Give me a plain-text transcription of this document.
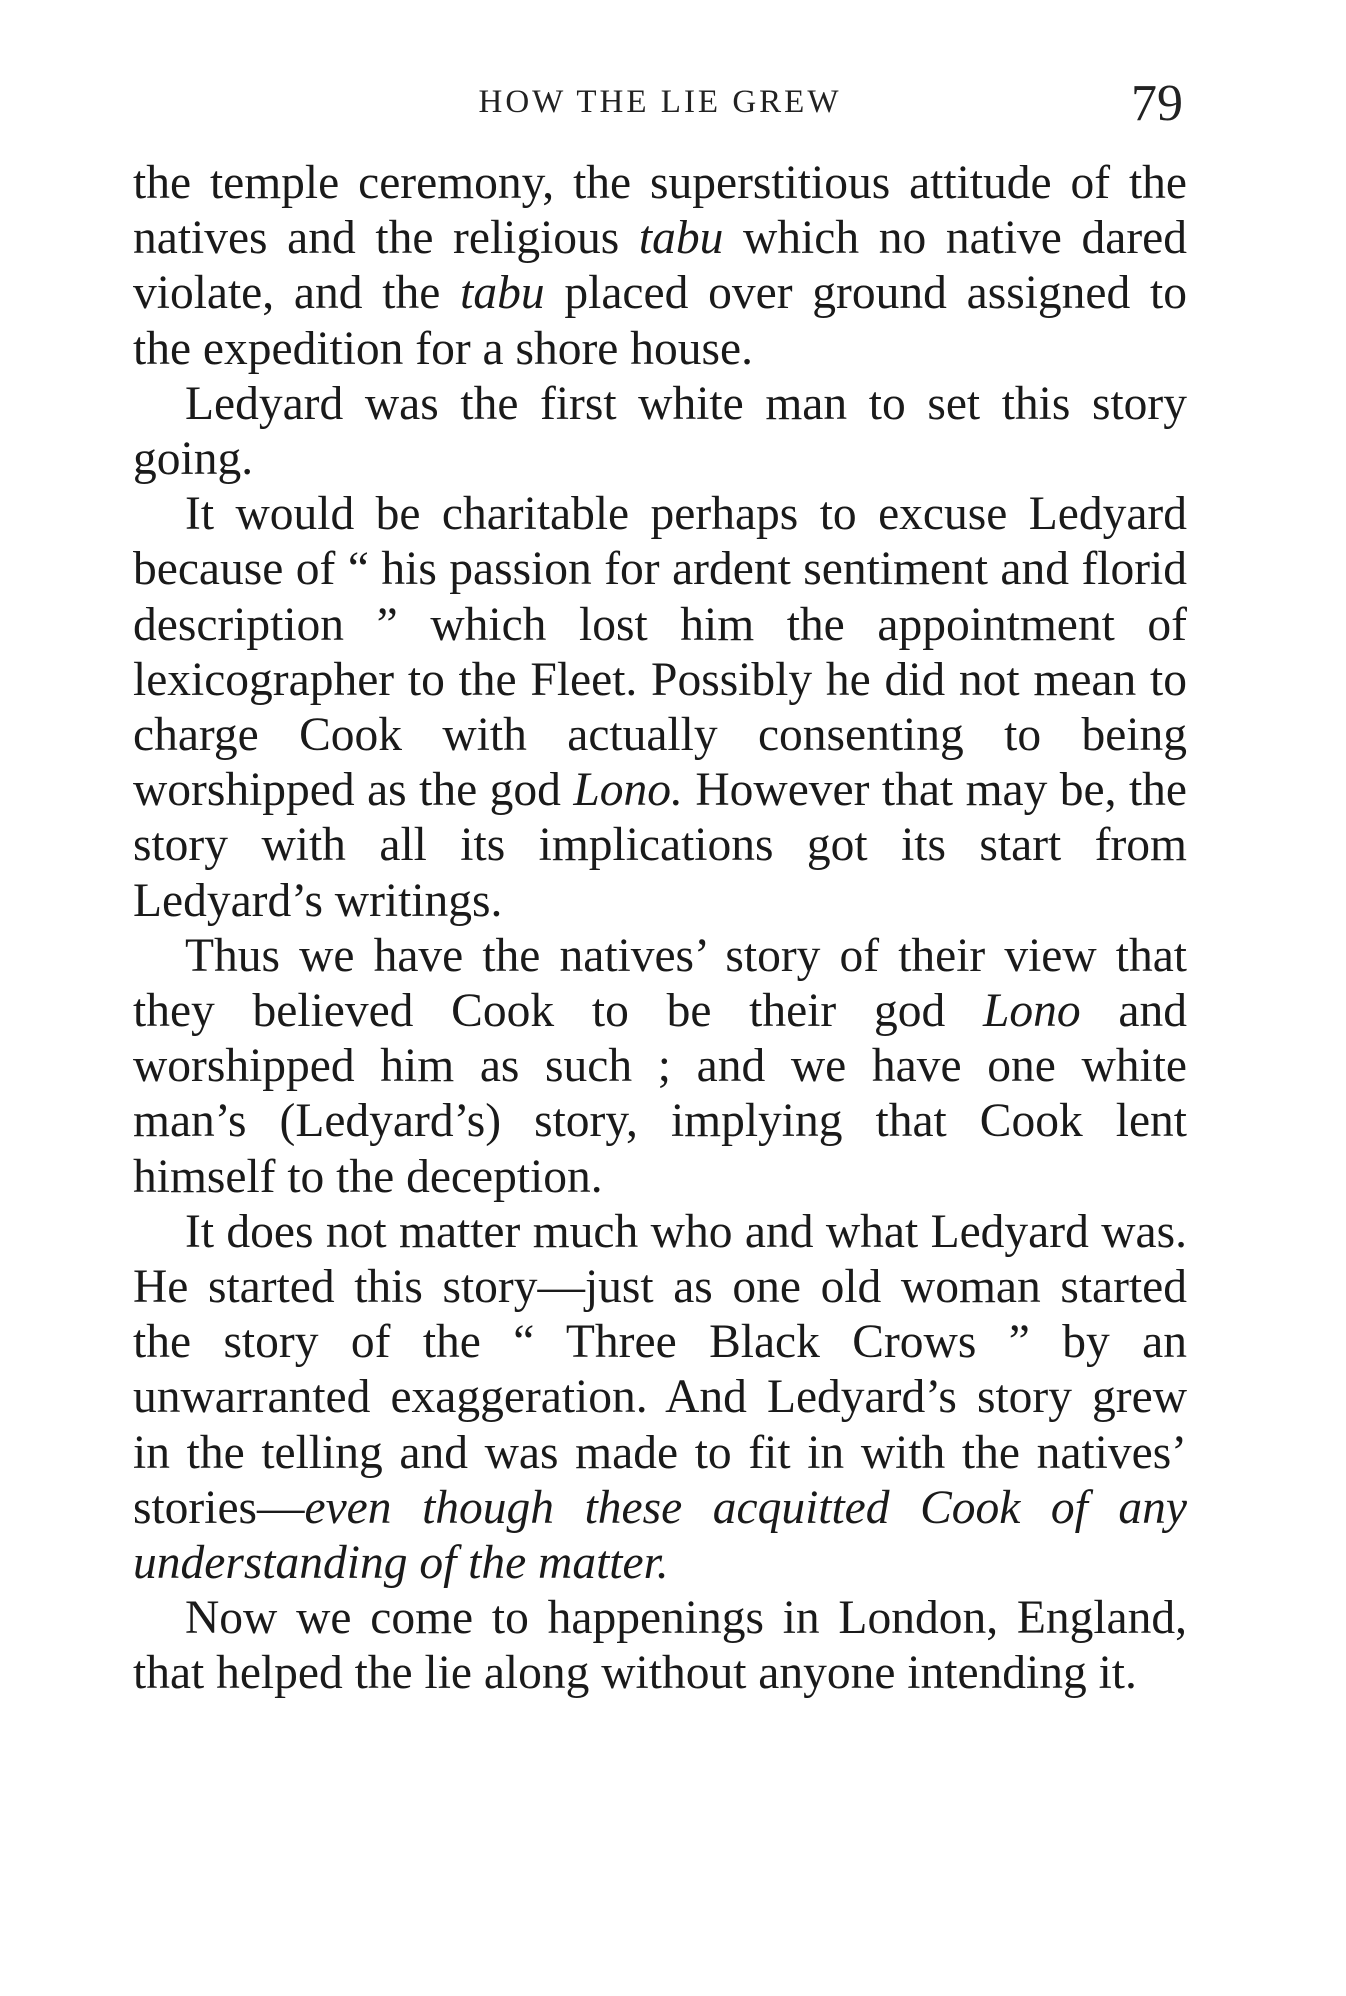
HOW THE LIE GREW	79

the temple ceremony, the superstitious attitude of the natives and the religious tabu which no native dared violate, and the tabu placed over ground assigned to the expedition for a shore house.

Ledyard was the first white man to set this story going.

It would be charitable perhaps to excuse Ledyard because of “ his passion for ardent sentiment and florid description ” which lost him the appointment of lexicographer to the Fleet. Possibly he did not mean to charge Cook with actually consenting to being worshipped as the god Lono. However that may be, the story with all its implications got its start from Ledyard’s writings.

Thus we have the natives’ story of their view that they believed Cook to be their god Lono and worshipped him as such ; and we have one white man’s (Ledyard’s) story, implying that Cook lent himself to the deception.

It does not matter much who and what Ledyard was. He started this story—just as one old woman started the story of the “ Three Black Crows ” by an unwarranted exaggeration. And Ledyard’s story grew in the telling and was made to fit in with the natives’ stories—even though these acquitted Cook of any understanding of the matter.

Now we come to happenings in London, England, that helped the lie along without anyone intending it.
